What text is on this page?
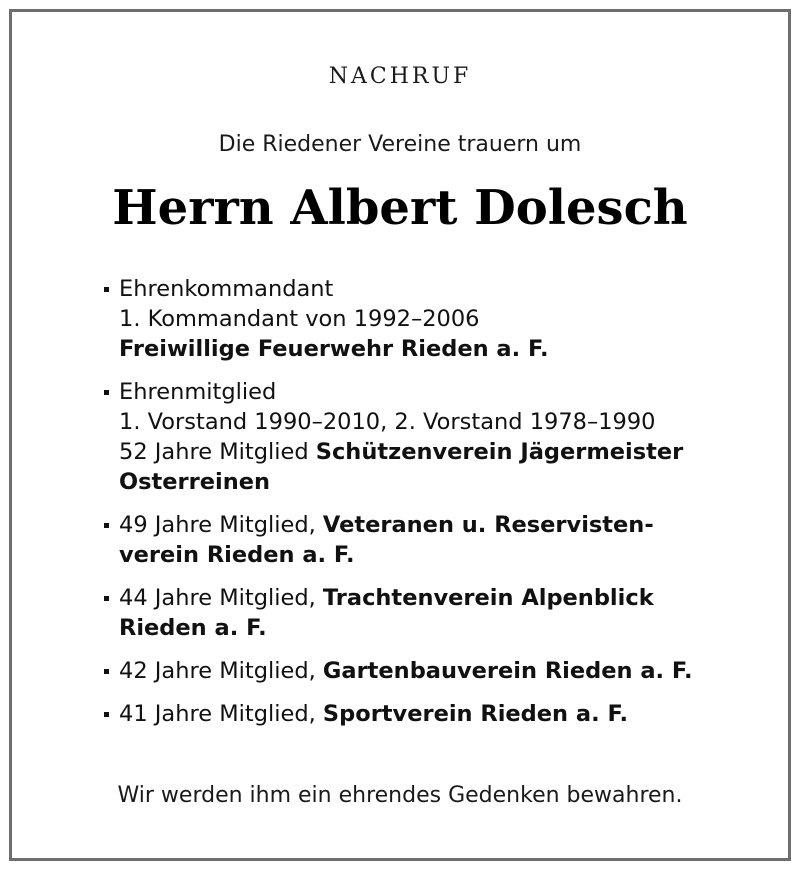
NACHRUF
Die Riedener Vereine trauern um
Herrn Albert Dolesch
Ehrenkommandant
1. Kommandant von 1992–2006
Freiwillige Feuerwehr Rieden a. F.
Ehrenmitglied
1. Vorstand 1990–2010, 2. Vorstand 1978–1990
52 Jahre Mitglied Schützenverein Jägermeister
Osterreinen
49 Jahre Mitglied, Veteranen u. Reservisten-
verein Rieden a. F.
44 Jahre Mitglied, Trachtenverein Alpenblick
Rieden a. F.
42 Jahre Mitglied, Gartenbauverein Rieden a. F.
41 Jahre Mitglied, Sportverein Rieden a. F.
Wir werden ihm ein ehrendes Gedenken bewahren.
